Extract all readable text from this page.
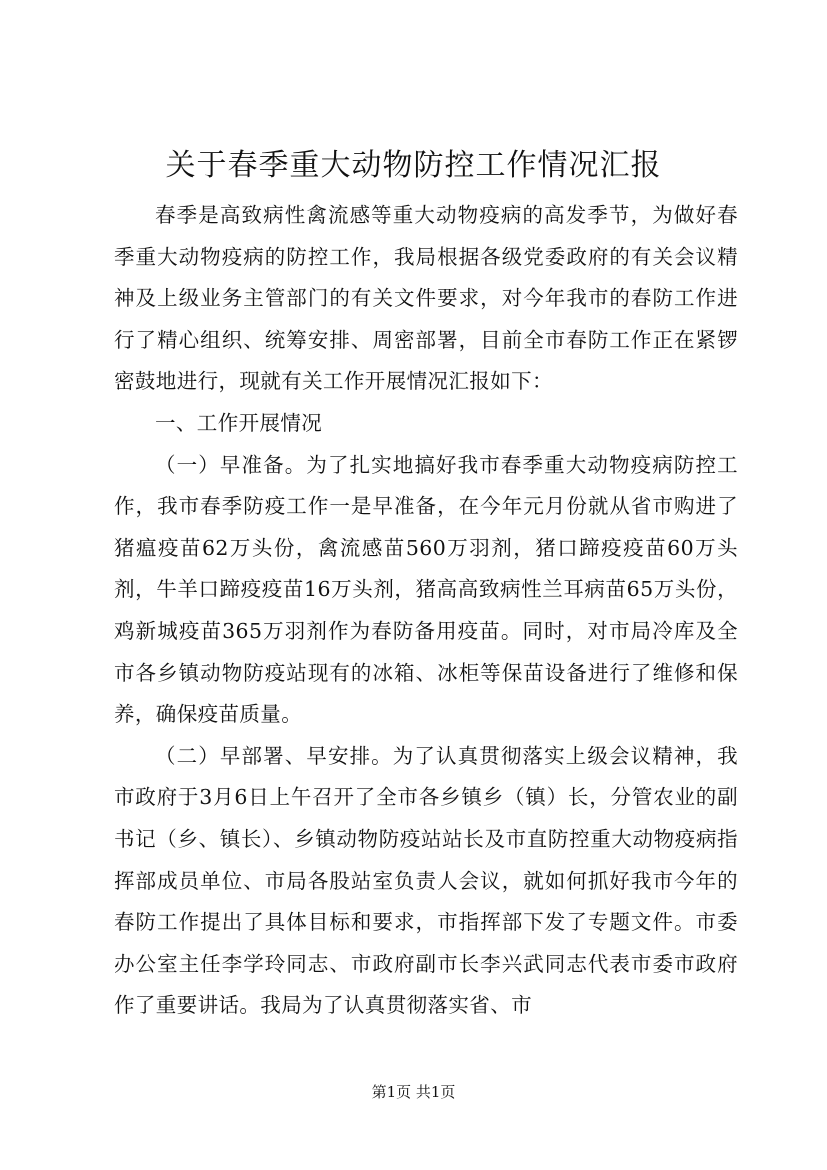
关于春季重大动物防控工作情况汇报

春季是高致病性禽流感等重大动物疫病的高发季节，为做好春季重大动物疫病的防控工作，我局根据各级党委政府的有关会议精神及上级业务主管部门的有关文件要求，对今年我市的春防工作进行了精心组织、统筹安排、周密部署，目前全市春防工作正在紧锣密鼓地进行，现就有关工作开展情况汇报如下：

一、工作开展情况

（一）早准备。为了扎实地搞好我市春季重大动物疫病防控工作，我市春季防疫工作一是早准备，在今年元月份就从省市购进了猪瘟疫苗62万头份，禽流感苗560万羽剂，猪口蹄疫疫苗60万头剂，牛羊口蹄疫疫苗16万头剂，猪高高致病性兰耳病苗65万头份，鸡新城疫苗365万羽剂作为春防备用疫苗。同时，对市局冷库及全市各乡镇动物防疫站现有的冰箱、冰柜等保苗设备进行了维修和保养，确保疫苗质量。

（二）早部署、早安排。为了认真贯彻落实上级会议精神，我市政府于3月6日上午召开了全市各乡镇乡（镇）长，分管农业的副书记（乡、镇长）、乡镇动物防疫站站长及市直防控重大动物疫病指挥部成员单位、市局各股站室负责人会议，就如何抓好我市今年的春防工作提出了具体目标和要求，市指挥部下发了专题文件。市委办公室主任李学玲同志、市政府副市长李兴武同志代表市委市政府作了重要讲话。我局为了认真贯彻落实省、市

第1页 共1页
